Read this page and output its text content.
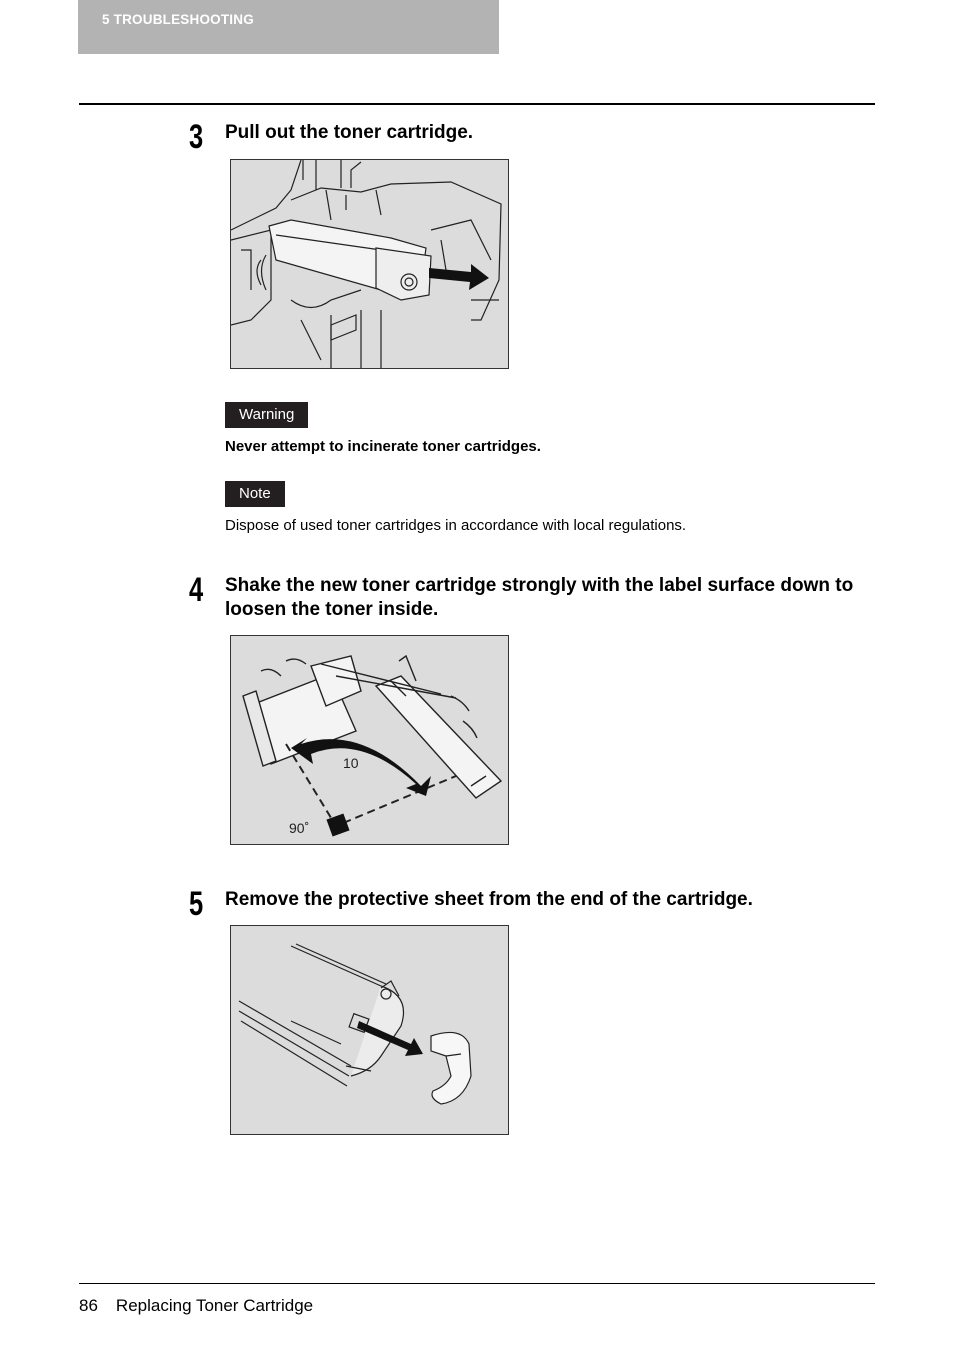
5 TROUBLESHOOTING
3 Pull out the toner cartridge.
Warning
Never attempt to incinerate toner cartridges.
Note
Dispose of used toner cartridges in accordance with local regulations.
4 Shake the new toner cartridge strongly with the label surface down to loosen the toner inside.
10
90˚
5 Remove the protective sheet from the end of the cartridge.
86 Replacing Toner Cartridge
